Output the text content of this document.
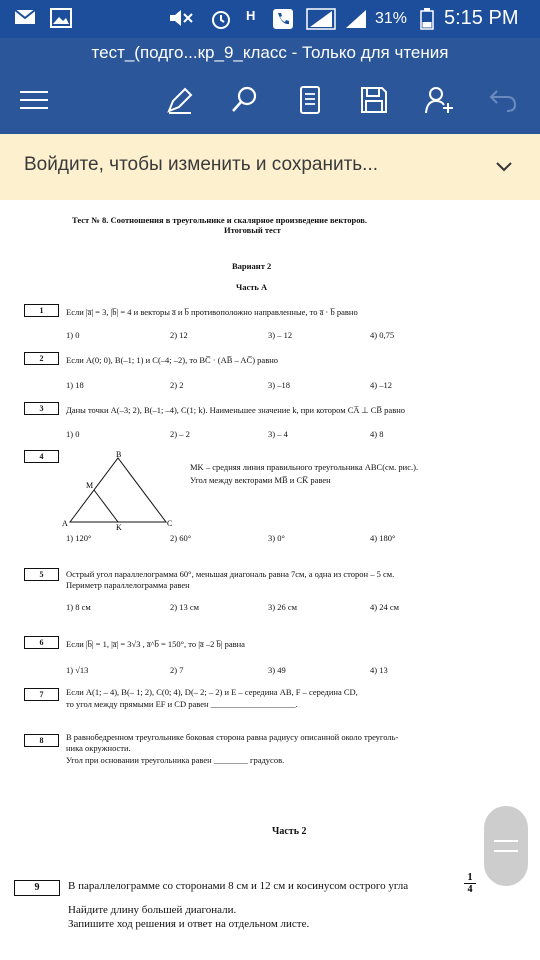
H	31% 5:15 PM
тест_(подго...кр_9_класс - Только для чтения
Войдите, чтобы изменить и сохранить...
Тест № 8. Соотношения в треугольнике и скалярное произведение векторов.
Итоговый тест
Вариант 2
Часть А
1	Если |a̅| = 3, |b̅| = 4 и векторы a̅ и b̅ противоположно направленные, то a̅ · b̅ равно
1) 0	2) 12	3) – 12	4) 0,75
2	Если A(0; 0), B(–1; 1) и C(–4; –2), то BC̅ · (AB̅ – AC̅) равно
1) 18	2) 2	3) –18	4) –12
3	Даны точки A(–3; 2), B(–1; –4), C(1; k). Наименьшее значение k, при котором CA̅ ⊥ CB̅ равно
1) 0	2) – 2	3) – 4	4) 8
4	B
M
A	K	C
MK – средняя линия правильного треугольника ABC(см. рис.).
Угол между векторами MB̅ и CK̅ равен
1) 120°	2) 60°	3) 0°	4) 180°
5	Острый угол параллелограмма 60°, меньшая диагональ равна 7см, а одна из сторон – 5 см.
Периметр параллелограмма равен
1) 8 см	2) 13 см	3) 26 см	4) 24 см
6	Если |b̅| = 1, |a̅| = 3√3 , a̅^b̅ = 150°, то |a̅ –2 b̅| равна
1) √13	2) 7	3) 49	4) 13
7	Если A(1; – 4), B(– 1; 2), C(0; 4), D(– 2; – 2) и E – середина AB, F – середина CD,
то угол между прямыми EF и CD равен ____________________.
8	В равнобедренном треугольнике боковая сторона равна радиусу описанной около треуголь-
ника окружности.
Угол при основании треугольника равен ________ градусов.
Часть 2
9	В параллелограмме со сторонами 8 см и 12 см и косинусом острого угла	$\frac{1}{4}$
Найдите длину большей диагонали.
Запишите ход решения и ответ на отдельном листе.
